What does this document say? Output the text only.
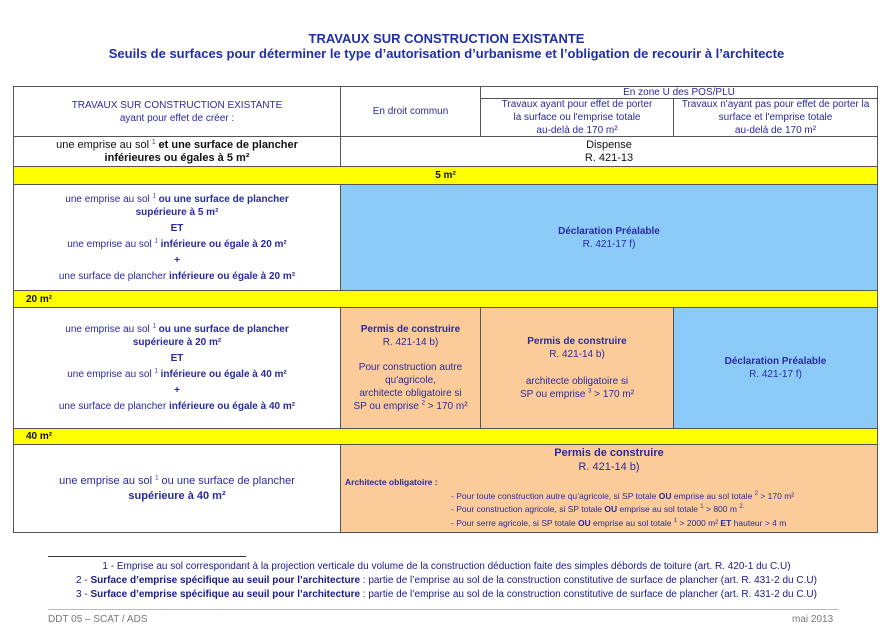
TRAVAUX SUR CONSTRUCTION EXISTANTE
Seuils de surfaces pour déterminer le type d’autorisation d’urbanisme et l’obligation de recourir à l’architecte
TRAVAUX SUR CONSTRUCTION EXISTANTE
ayant pour effet de créer :
En droit commun
En zone U des POS/PLU
Travaux ayant pour effet de porter
la surface ou l'emprise totale
au-delà de 170 m²
Travaux n'ayant pas pour effet de porter la
surface et l'emprise totale
au-delà de 170 m²
une emprise au sol $^1$ et une surface de plancher
inférieures ou égales à 5 m²
Dispense
R. 421-13
5 m²
une emprise au sol $^1$ ou une surface de plancher
supérieure à 5 m²
ET
une emprise au sol $^1$ inférieure ou égale à 20 m²
+
une surface de plancher inférieure ou égale à 20 m²
Déclaration Préalable
R. 421-17 f)
20 m²
une emprise au sol $^1$ ou une surface de plancher
supérieure à 20 m²
ET
une emprise au sol $^1$ inférieure ou égale à 40 m²
+
une surface de plancher inférieure ou égale à 40 m²
Permis de construire
R. 421-14 b)
Pour construction autre
qu'agricole,
architecte obligatoire si
SP ou emprise $^2$ > 170 m²
Permis de construire
R. 421-14 b)
architecte obligatoire si
SP ou emprise $^3$ > 170 m²
Déclaration Préalable
R. 421-17 f)
40 m²
une emprise au sol $^1$ ou une surface de plancher
supérieure à 40 m²
Permis de construire
R. 421-14 b)
Architecte obligatoire :
- Pour toute construction autre qu’agricole, si SP totale OU emprise au sol totale $^2$ > 170 m²
- Pour construction agricole, si SP totale OU emprise au sol totale $^1$ > 800 m $^{2.}$
- Pour serre agricole, si SP totale OU emprise au sol totale $^1$ > 2000 m² ET hauteur > 4 m
1 - Emprise au sol correspondant à la projection verticale du volume de la construction déduction faite des simples débords de toiture (art. R. 420-1 du C.U)
2 - Surface d’emprise spécifique au seuil pour l’architecture : partie de l’emprise au sol de la construction constitutive de surface de plancher (art. R. 431-2 du C.U)
3 - Surface d’emprise spécifique au seuil pour l’architecture : partie de l’emprise au sol de la construction constitutive de surface de plancher (art. R. 431-2 du C.U)
DDT 05 – SCAT / ADS	mai 2013
